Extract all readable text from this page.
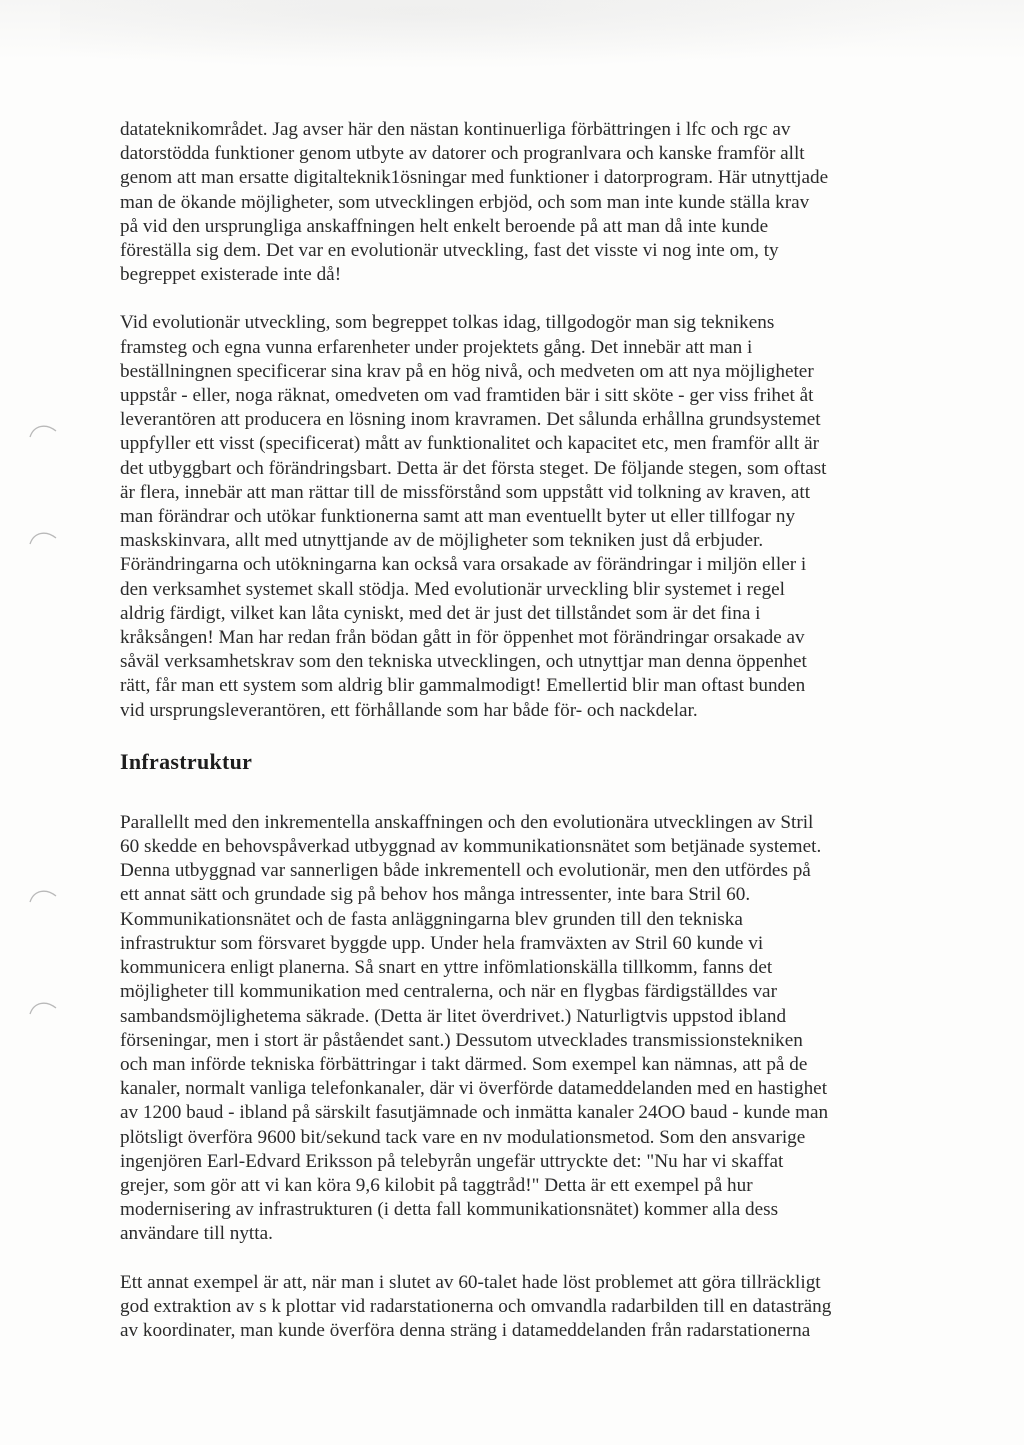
datateknikområdet. Jag avser här den nästan kontinuerliga förbättringen i lfc och rgc av
datorstödda funktioner genom utbyte av datorer och progranlvara och kanske framför allt
genom att man ersatte digitalteknik1ösningar med funktioner i datorprogram. Här utnyttjade
man de ökande möjligheter, som utvecklingen erbjöd, och som man inte kunde ställa krav
på vid den ursprungliga anskaffningen helt enkelt beroende på att man då inte kunde
föreställa sig dem. Det var en evolutionär utveckling, fast det visste vi nog inte om, ty
begreppet existerade inte då!

Vid evolutionär utveckling, som begreppet tolkas idag, tillgodogör man sig teknikens
framsteg och egna vunna erfarenheter under projektets gång. Det innebär att man i
beställningnen specificerar sina krav på en hög nivå, och medveten om att nya möjligheter
uppstår - eller, noga räknat, omedveten om vad framtiden bär i sitt sköte - ger viss frihet åt
leverantören att producera en lösning inom kravramen. Det sålunda erhållna grundsystemet
uppfyller ett visst (specificerat) mått av funktionalitet och kapacitet etc, men framför allt är
det utbyggbart och förändringsbart. Detta är det första steget. De följande stegen, som oftast
är flera, innebär att man rättar till de missförstånd som uppstått vid tolkning av kraven, att
man förändrar och utökar funktionerna samt att man eventuellt byter ut eller tillfogar ny
maskskinvara, allt med utnyttjande av de möjligheter som tekniken just då erbjuder.
Förändringarna och utökningarna kan också vara orsakade av förändringar i miljön eller i
den verksamhet systemet skall stödja. Med evolutionär urveckling blir systemet i regel
aldrig färdigt, vilket kan låta cyniskt, med det är just det tillståndet som är det fina i
kråksången! Man har redan från bödan gått in för öppenhet mot förändringar orsakade av
såväl verksamhetskrav som den tekniska utvecklingen, och utnyttjar man denna öppenhet
rätt, får man ett system som aldrig blir gammalmodigt! Emellertid blir man oftast bunden
vid ursprungsleverantören, ett förhållande som har både för- och nackdelar.

Infrastruktur

Parallellt med den inkrementella anskaffningen och den evolutionära utvecklingen av Stril
60 skedde en behovspåverkad utbyggnad av kommunikationsnätet som betjänade systemet.
Denna utbyggnad var sannerligen både inkrementell och evolutionär, men den utfördes på
ett annat sätt och grundade sig på behov hos många intressenter, inte bara Stril 60.
Kommunikationsnätet och de fasta anläggningarna blev grunden till den tekniska
infrastruktur som försvaret byggde upp. Under hela framväxten av Stril 60 kunde vi
kommunicera enligt planerna. Så snart en yttre infömlationskälla tillkomm, fanns det
möjligheter till kommunikation med centralerna, och när en flygbas färdigställdes var
sambandsmöjlighetema säkrade. (Detta är litet överdrivet.) Naturligtvis uppstod ibland
förseningar, men i stort är påståendet sant.) Dessutom utvecklades transmissionstekniken
och man införde tekniska förbättringar i takt därmed. Som exempel kan nämnas, att på de
kanaler, normalt vanliga telefonkanaler, där vi överförde datameddelanden med en hastighet
av 1200 baud - ibland på särskilt fasutjämnade och inmätta kanaler 24OO baud - kunde man
plötsligt överföra 9600 bit/sekund tack vare en nv modulationsmetod. Som den ansvarige
ingenjören Earl-Edvard Eriksson på telebyrån ungefär uttryckte det: "Nu har vi skaffat
grejer, som gör att vi kan köra 9,6 kilobit på taggtråd!" Detta är ett exempel på hur
modernisering av infrastrukturen (i detta fall kommunikationsnätet) kommer alla dess
användare till nytta.

Ett annat exempel är att, när man i slutet av 60-talet hade löst problemet att göra tillräckligt
god extraktion av s k plottar vid radarstationerna och omvandla radarbilden till en datasträng
av koordinater, man kunde överföra denna sträng i datameddelanden från radarstationerna
